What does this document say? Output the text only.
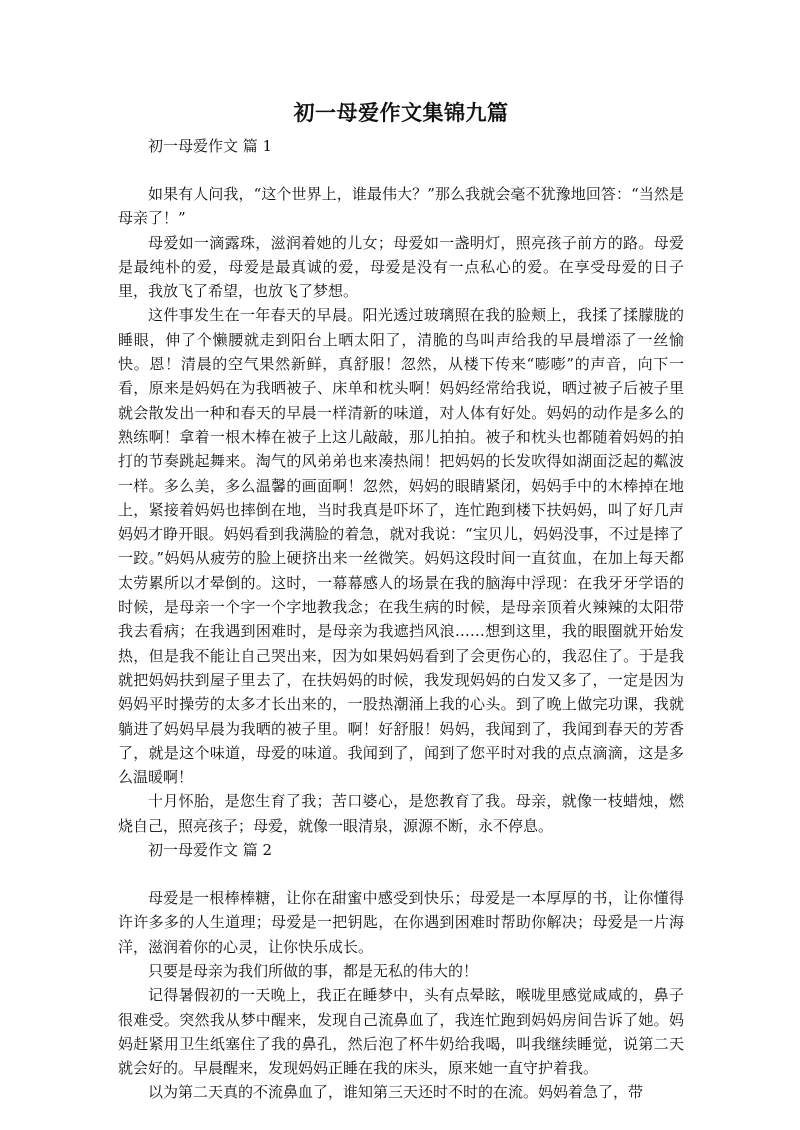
初一母爱作文集锦九篇

初一母爱作文 篇 1

如果有人问我，“这个世界上，谁最伟大？”那么我就会毫不犹豫地回答：“当然是母亲了！”

母爱如一滴露珠，滋润着她的儿女；母爱如一盏明灯，照亮孩子前方的路。母爱是最纯朴的爱，母爱是最真诚的爱，母爱是没有一点私心的爱。在享受母爱的日子里，我放飞了希望，也放飞了梦想。

这件事发生在一年春天的早晨。阳光透过玻璃照在我的脸颊上，我揉了揉朦胧的睡眼，伸了个懒腰就走到阳台上晒太阳了，清脆的鸟叫声给我的早晨增添了一丝愉快。恩！清晨的空气果然新鲜，真舒服！忽然，从楼下传来“嘭嘭”的声音，向下一看，原来是妈妈在为我晒被子、床单和枕头啊！妈妈经常给我说，晒过被子后被子里就会散发出一种和春天的早晨一样清新的味道，对人体有好处。妈妈的动作是多么的熟练啊！拿着一根木棒在被子上这儿敲敲，那儿拍拍。被子和枕头也都随着妈妈的拍打的节奏跳起舞来。淘气的风弟弟也来凑热闹！把妈妈的长发吹得如湖面泛起的粼波一样。多么美，多么温馨的画面啊！忽然，妈妈的眼睛紧闭，妈妈手中的木棒掉在地上，紧接着妈妈也摔倒在地，当时我真是吓坏了，连忙跑到楼下扶妈妈，叫了好几声妈妈才睁开眼。妈妈看到我满脸的着急，就对我说：“宝贝儿，妈妈没事，不过是摔了一跤。”妈妈从疲劳的脸上硬挤出来一丝微笑。妈妈这段时间一直贫血，在加上每天都太劳累所以才晕倒的。这时，一幕幕感人的场景在我的脑海中浮现：在我牙牙学语的时候，是母亲一个字一个字地教我念；在我生病的时候，是母亲顶着火辣辣的太阳带我去看病；在我遇到困难时，是母亲为我遮挡风浪……想到这里，我的眼圈就开始发热，但是我不能让自己哭出来，因为如果妈妈看到了会更伤心的，我忍住了。于是我就把妈妈扶到屋子里去了，在扶妈妈的时候，我发现妈妈的白发又多了，一定是因为妈妈平时操劳的太多才长出来的，一股热潮涌上我的心头。到了晚上做完功课，我就躺进了妈妈早晨为我晒的被子里。啊！好舒服！妈妈，我闻到了，我闻到春天的芳香了，就是这个味道，母爱的味道。我闻到了，闻到了您平时对我的点点滴滴，这是多么温暖啊！

十月怀胎，是您生育了我；苦口婆心，是您教育了我。母亲，就像一枝蜡烛，燃烧自己，照亮孩子；母爱，就像一眼清泉，源源不断，永不停息。

初一母爱作文 篇 2

母爱是一根棒棒糖，让你在甜蜜中感受到快乐；母爱是一本厚厚的书，让你懂得许许多多的人生道理；母爱是一把钥匙，在你遇到困难时帮助你解决；母爱是一片海洋，滋润着你的心灵，让你快乐成长。

只要是母亲为我们所做的事，都是无私的伟大的！

记得暑假初的一天晚上，我正在睡梦中，头有点晕眩，喉咙里感觉咸咸的，鼻子很难受。突然我从梦中醒来，发现自己流鼻血了，我连忙跑到妈妈房间告诉了她。妈妈赶紧用卫生纸塞住了我的鼻孔，然后泡了杯牛奶给我喝，叫我继续睡觉，说第二天就会好的。早晨醒来，发现妈妈正睡在我的床头，原来她一直守护着我。

以为第二天真的不流鼻血了，谁知第三天还时不时的在流。妈妈着急了，带
